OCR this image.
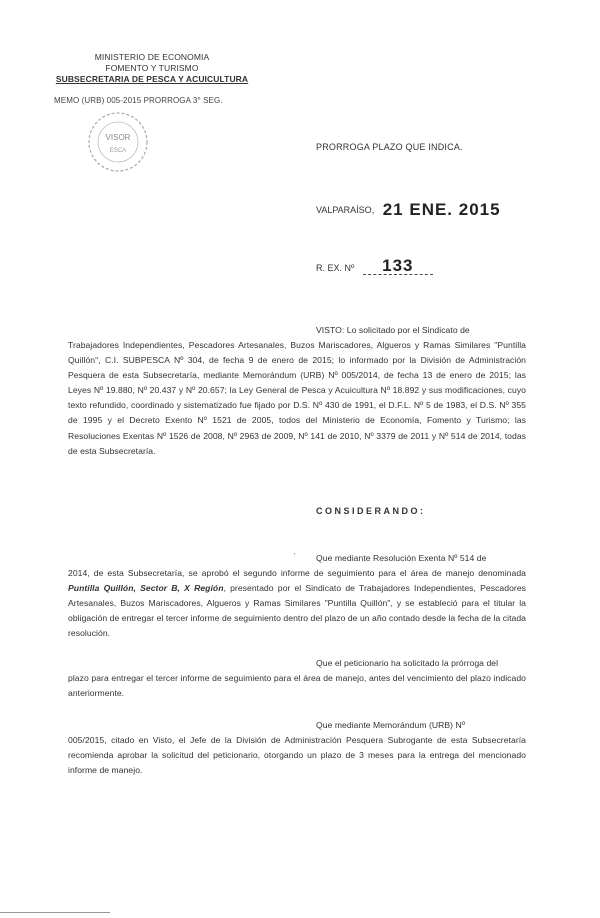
MINISTERIO DE ECONOMIA
FOMENTO Y TURISMO
SUBSECRETARIA DE PESCA Y ACUICULTURA
MEMO (URB) 005-2015 PRORROGA 3° SEG.
VISOR
ESCA	PRORROGA PLAZO QUE INDICA.
VALPARAÍSO, 21 ENE. 2015
R. EX. Nº 133
VISTO: Lo solicitado por el Sindicato de
Trabajadores Independientes, Pescadores Artesanales, Buzos Mariscadores, Algueros y Ramas Similares "Puntilla Quillón", C.I. SUBPESCA Nº 304, de fecha 9 de enero de 2015; lo informado por la División de Administración Pesquera de esta Subsecretaría, mediante Memorándum (URB) Nº 005/2014, de fecha 13 de enero de 2015; las Leyes Nº 19.880, Nº 20.437 y Nº 20.657; la Ley General de Pesca y Acuicultura Nº 18.892 y sus modificaciones, cuyo texto refundido, coordinado y sistematizado fue fijado por D.S. Nº 430 de 1991, el D.F.L. Nº 5 de 1983, el D.S. Nº 355 de 1995 y el Decreto Exento Nº 1521 de 2005, todos del Ministerio de Economía, Fomento y Turismo; las Resoluciones Exentas Nº 1526 de 2008, Nº 2963 de 2009, Nº 141 de 2010, Nº 3379 de 2011 y Nº 514 de 2014, todas de esta Subsecretaría.
CONSIDERANDO:
' Que mediante Resolución Exenta Nº 514 de
2014, de esta Subsecretaría, se aprobó el segundo informe de seguimiento para el área de manejo denominada Puntilla Quillón, Sector B, X Región, presentado por el Sindicato de Trabajadores Independientes, Pescadores Artesanales, Buzos Mariscadores, Algueros y Ramas Similares "Puntilla Quillón", y se estableció para el titular la obligación de entregar el tercer informe de seguimiento dentro del plazo de un año contado desde la fecha de la citada resolución.
Que el peticionario ha solicitado la prórroga del
plazo para entregar el tercer informe de seguimiento para el área de manejo, antes del vencimiento del plazo indicado anteriormente.
Que mediante Memorándum (URB) Nº
005/2015, citado en Visto, el Jefe de la División de Administración Pesquera Subrogante de esta Subsecretaría recomienda aprobar la solicitud del peticionario, otorgando un plazo de 3 meses para la entrega del mencionado informe de manejo.
